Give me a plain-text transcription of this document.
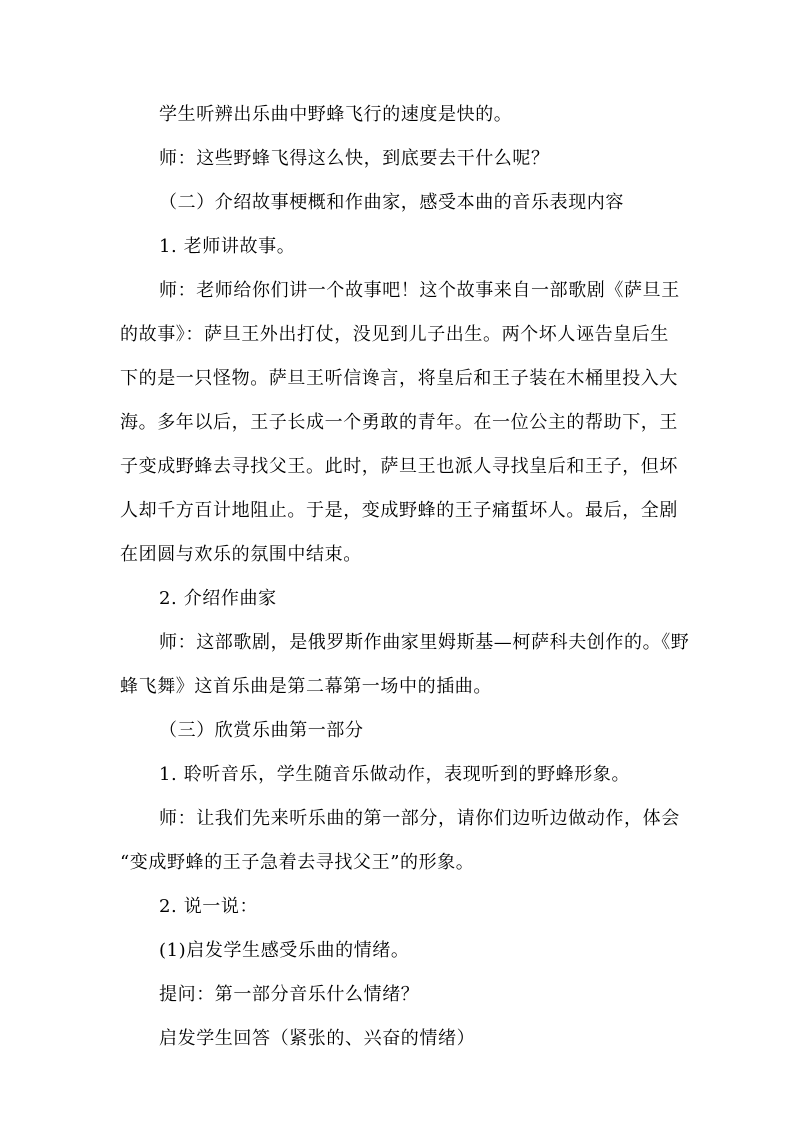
学生听辨出乐曲中野蜂飞行的速度是快的。
师：这些野蜂飞得这么快，到底要去干什么呢？
（二）介绍故事梗概和作曲家，感受本曲的音乐表现内容
1. 老师讲故事。
师：老师给你们讲一个故事吧！这个故事来自一部歌剧《萨旦王
的故事》：萨旦王外出打仗，没见到儿子出生。两个坏人诬告皇后生
下的是一只怪物。萨旦王听信谗言，将皇后和王子装在木桶里投入大
海。多年以后，王子长成一个勇敢的青年。在一位公主的帮助下，王
子变成野蜂去寻找父王。此时，萨旦王也派人寻找皇后和王子，但坏
人却千方百计地阻止。于是，变成野蜂的王子痛蜇坏人。最后，全剧
在团圆与欢乐的氛围中结束。
2. 介绍作曲家
师：这部歌剧，是俄罗斯作曲家里姆斯基—柯萨科夫创作的。《野
蜂飞舞》这首乐曲是第二幕第一场中的插曲。
（三）欣赏乐曲第一部分
1. 聆听音乐，学生随音乐做动作，表现听到的野蜂形象。
师：让我们先来听乐曲的第一部分，请你们边听边做动作，体会
“变成野蜂的王子急着去寻找父王”的形象。
2. 说一说：
(1)启发学生感受乐曲的情绪。
提问：第一部分音乐什么情绪？
启发学生回答（紧张的、兴奋的情绪）
